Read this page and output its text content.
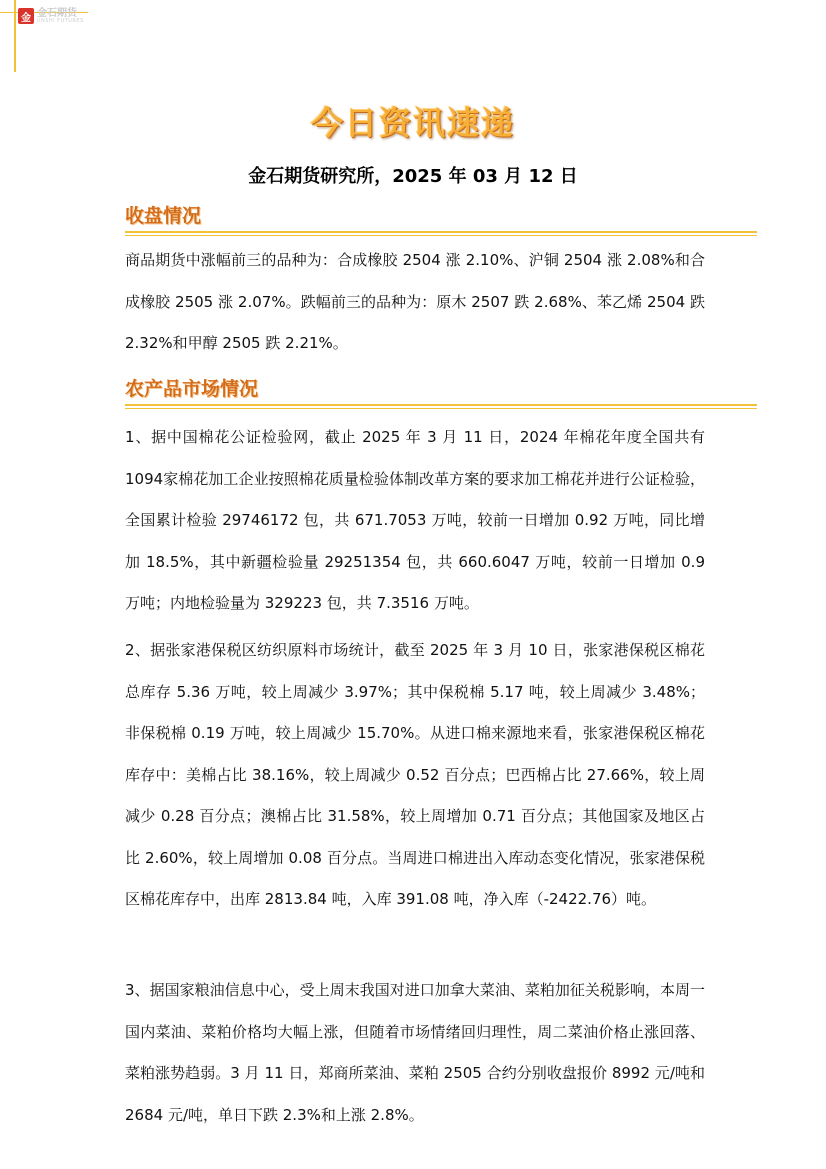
金 金石期货
JINSHI FUTURES
今日资讯速递
金石期货研究所，2025 年 03 月 12 日
收盘情况

商品期货中涨幅前三的品种为：合成橡胶 2504 涨 2.10%、沪铜 2504 涨 2.08%和合成橡胶 2505 涨 2.07%。跌幅前三的品种为：原木 2507 跌 2.68%、苯乙烯 2504 跌 2.32%和甲醇 2505 跌 2.21%。

农产品市场情况

1、据中国棉花公证检验网，截止 2025 年 3 月 11 日，2024 年棉花年度全国共有1094家棉花加工企业按照棉花质量检验体制改革方案的要求加工棉花并进行公证检验，全国累计检验 29746172 包，共 671.7053 万吨，较前一日增加 0.92 万吨，同比增加 18.5%，其中新疆检验量 29251354 包，共 660.6047 万吨，较前一日增加 0.9 万吨；内地检验量为 329223 包，共 7.3516 万吨。

2、据张家港保税区纺织原料市场统计，截至 2025 年 3 月 10 日，张家港保税区棉花总库存 5.36 万吨，较上周减少 3.97%；其中保税棉 5.17 吨，较上周减少 3.48%；非保税棉 0.19 万吨，较上周减少 15.70%。从进口棉来源地来看，张家港保税区棉花库存中：美棉占比 38.16%，较上周减少 0.52 百分点；巴西棉占比 27.66%，较上周减少 0.28 百分点；澳棉占比 31.58%，较上周增加 0.71 百分点；其他国家及地区占比 2.60%，较上周增加 0.08 百分点。当周进口棉进出入库动态变化情况，张家港保税区棉花库存中，出库 2813.84 吨，入库 391.08 吨，净入库（-2422.76）吨。

3、据国家粮油信息中心，受上周末我国对进口加拿大菜油、菜粕加征关税影响，本周一国内菜油、菜粕价格均大幅上涨，但随着市场情绪回归理性，周二菜油价格止涨回落、菜粕涨势趋弱。3 月 11 日，郑商所菜油、菜粕 2505 合约分别收盘报价 8992 元/吨和 2684 元/吨，单日下跌 2.3%和上涨 2.8%。
